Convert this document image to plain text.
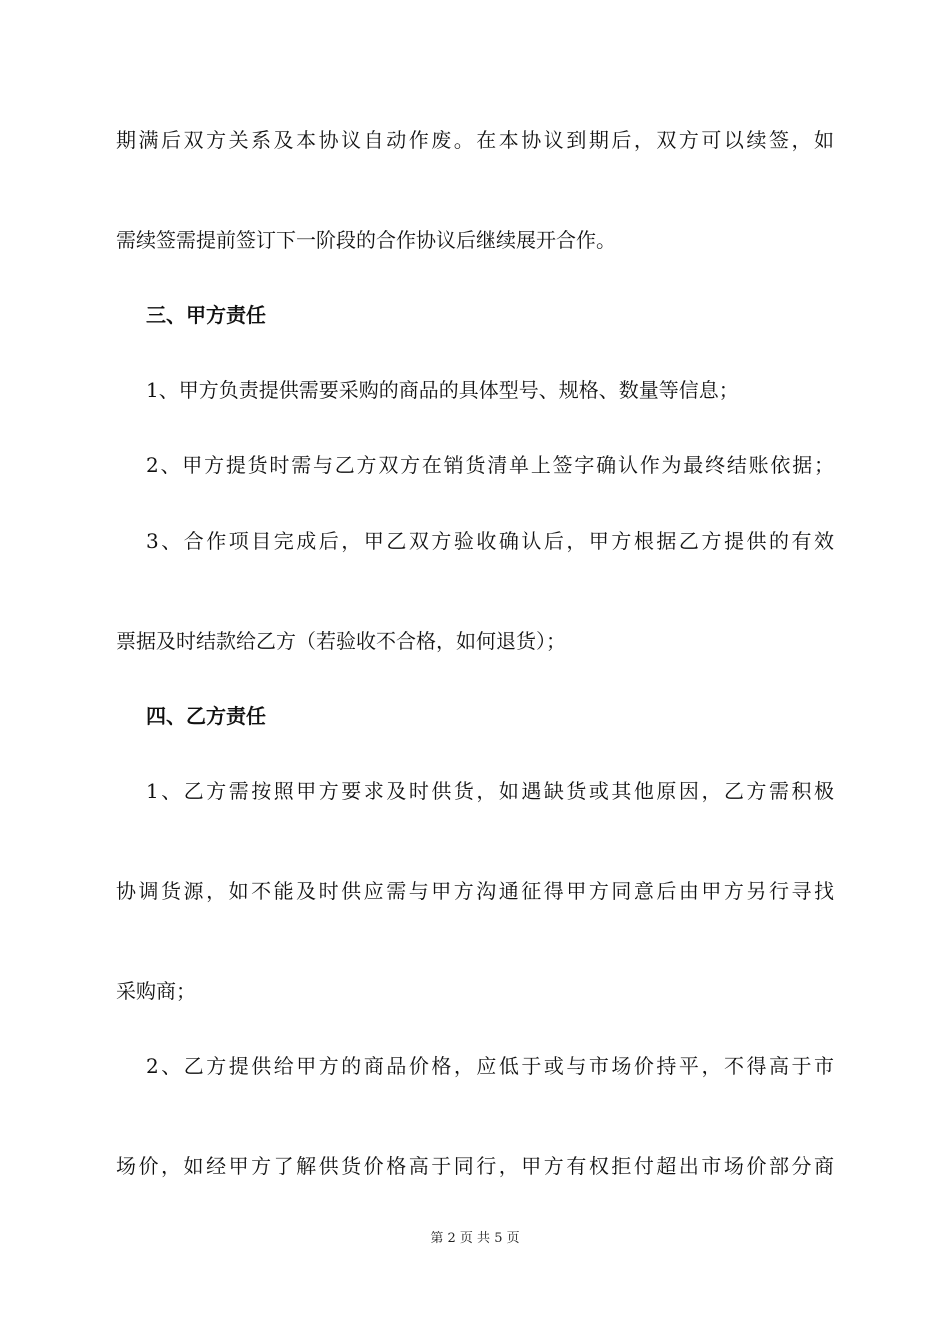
期满后双方关系及本协议自动作废。在本协议到期后，双方可以续签，如
需续签需提前签订下一阶段的合作协议后继续展开合作。
三、甲方责任
1、甲方负责提供需要采购的商品的具体型号、规格、数量等信息；
2、甲方提货时需与乙方双方在销货清单上签字确认作为最终结账依据；
3、合作项目完成后，甲乙双方验收确认后，甲方根据乙方提供的有效
票据及时结款给乙方（若验收不合格，如何退货）；
四、乙方责任
1、乙方需按照甲方要求及时供货，如遇缺货或其他原因，乙方需积极
协调货源，如不能及时供应需与甲方沟通征得甲方同意后由甲方另行寻找
采购商；
2、乙方提供给甲方的商品价格，应低于或与市场价持平，不得高于市
场价，如经甲方了解供货价格高于同行，甲方有权拒付超出市场价部分商
第 2 页 共 5 页
